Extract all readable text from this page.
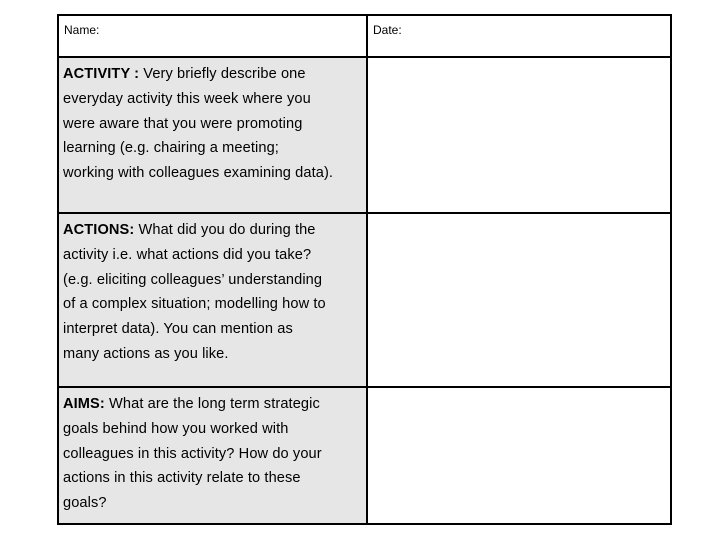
Name:	Date:
ACTIVITY : Very briefly describe one
everyday activity this week where you
were aware that you were promoting
learning (e.g. chairing a meeting;
working with colleagues examining data).
ACTIONS: What did you do during the
activity i.e. what actions did you take?
(e.g. eliciting colleagues’ understanding
of a complex situation; modelling how to
interpret data). You can mention as
many actions as you like.
AIMS: What are the long term strategic
goals behind how you worked with
colleagues in this activity? How do your
actions in this activity relate to these
goals?
